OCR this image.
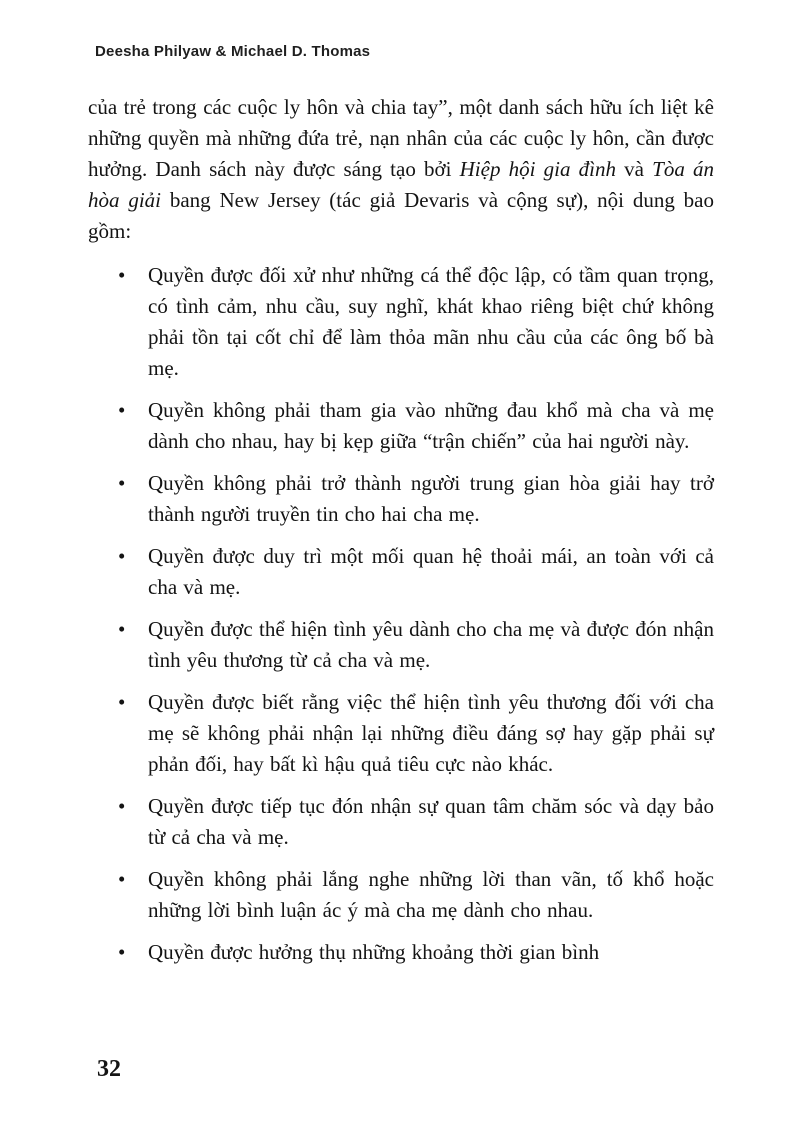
Deesha Philyaw & Michael D. Thomas

của trẻ trong các cuộc ly hôn và chia tay”, một danh sách hữu ích liệt kê những quyền mà những đứa trẻ, nạn nhân của các cuộc ly hôn, cần được hưởng. Danh sách này được sáng tạo bởi Hiệp hội gia đình và Tòa án hòa giải bang New Jersey (tác giả Devaris và cộng sự), nội dung bao gồm:

• Quyền được đối xử như những cá thể độc lập, có tầm quan trọng, có tình cảm, nhu cầu, suy nghĩ, khát khao riêng biệt chứ không phải tồn tại cốt chỉ để làm thỏa mãn nhu cầu của các ông bố bà mẹ.
• Quyền không phải tham gia vào những đau khổ mà cha và mẹ dành cho nhau, hay bị kẹp giữa “trận chiến” của hai người này.
• Quyền không phải trở thành người trung gian hòa giải hay trở thành người truyền tin cho hai cha mẹ.
• Quyền được duy trì một mối quan hệ thoải mái, an toàn với cả cha và mẹ.
• Quyền được thể hiện tình yêu dành cho cha mẹ và được đón nhận tình yêu thương từ cả cha và mẹ.
• Quyền được biết rằng việc thể hiện tình yêu thương đối với cha mẹ sẽ không phải nhận lại những điều đáng sợ hay gặp phải sự phản đối, hay bất kì hậu quả tiêu cực nào khác.
• Quyền được tiếp tục đón nhận sự quan tâm chăm sóc và dạy bảo từ cả cha và mẹ.
• Quyền không phải lắng nghe những lời than vãn, tố khổ hoặc những lời bình luận ác ý mà cha mẹ dành cho nhau.
• Quyền được hưởng thụ những khoảng thời gian bình
32
